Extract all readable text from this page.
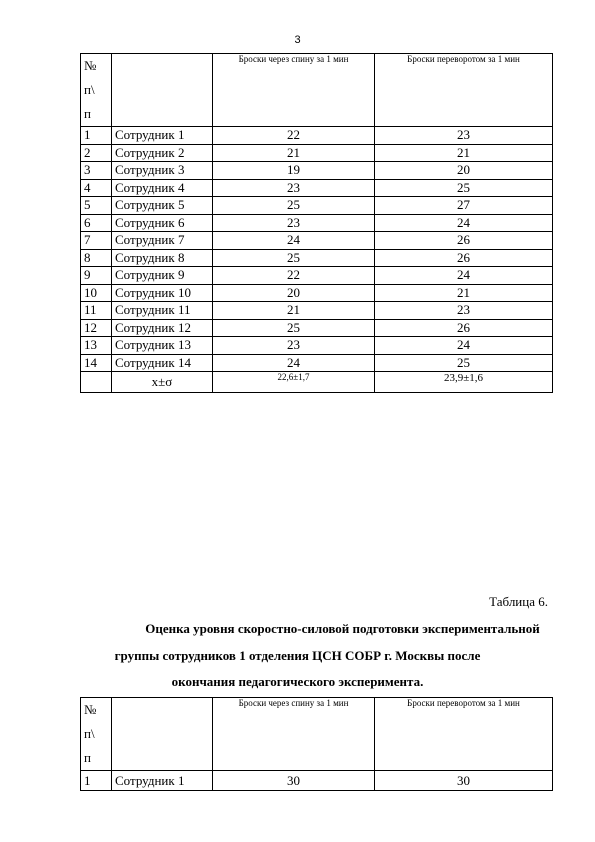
3
№
п\
п		Броски через спину за 1 мин	Броски переворотом за 1 мин
1	Сотрудник 1	22	23
2	Сотрудник 2	21	21
3	Сотрудник 3	19	20
4	Сотрудник 4	23	25
5	Сотрудник 5	25	27
6	Сотрудник 6	23	24
7	Сотрудник 7	24	26
8	Сотрудник 8	25	26
9	Сотрудник 9	22	24
10	Сотрудник 10	20	21
11	Сотрудник 11	21	23
12	Сотрудник 12	25	26
13	Сотрудник 13	23	24
14	Сотрудник 14	24	25
	x±σ	22,6±1,7	23,9±1,6
Таблица 6.
Оценка уровня скоростно-силовой подготовки экспериментальной
группы сотрудников 1 отделения ЦСН СОБР г. Москвы после
окончания педагогического эксперимента.
№
п\
п		Броски через спину за 1 мин	Броски переворотом за 1 мин
1	Сотрудник 1	30	30
